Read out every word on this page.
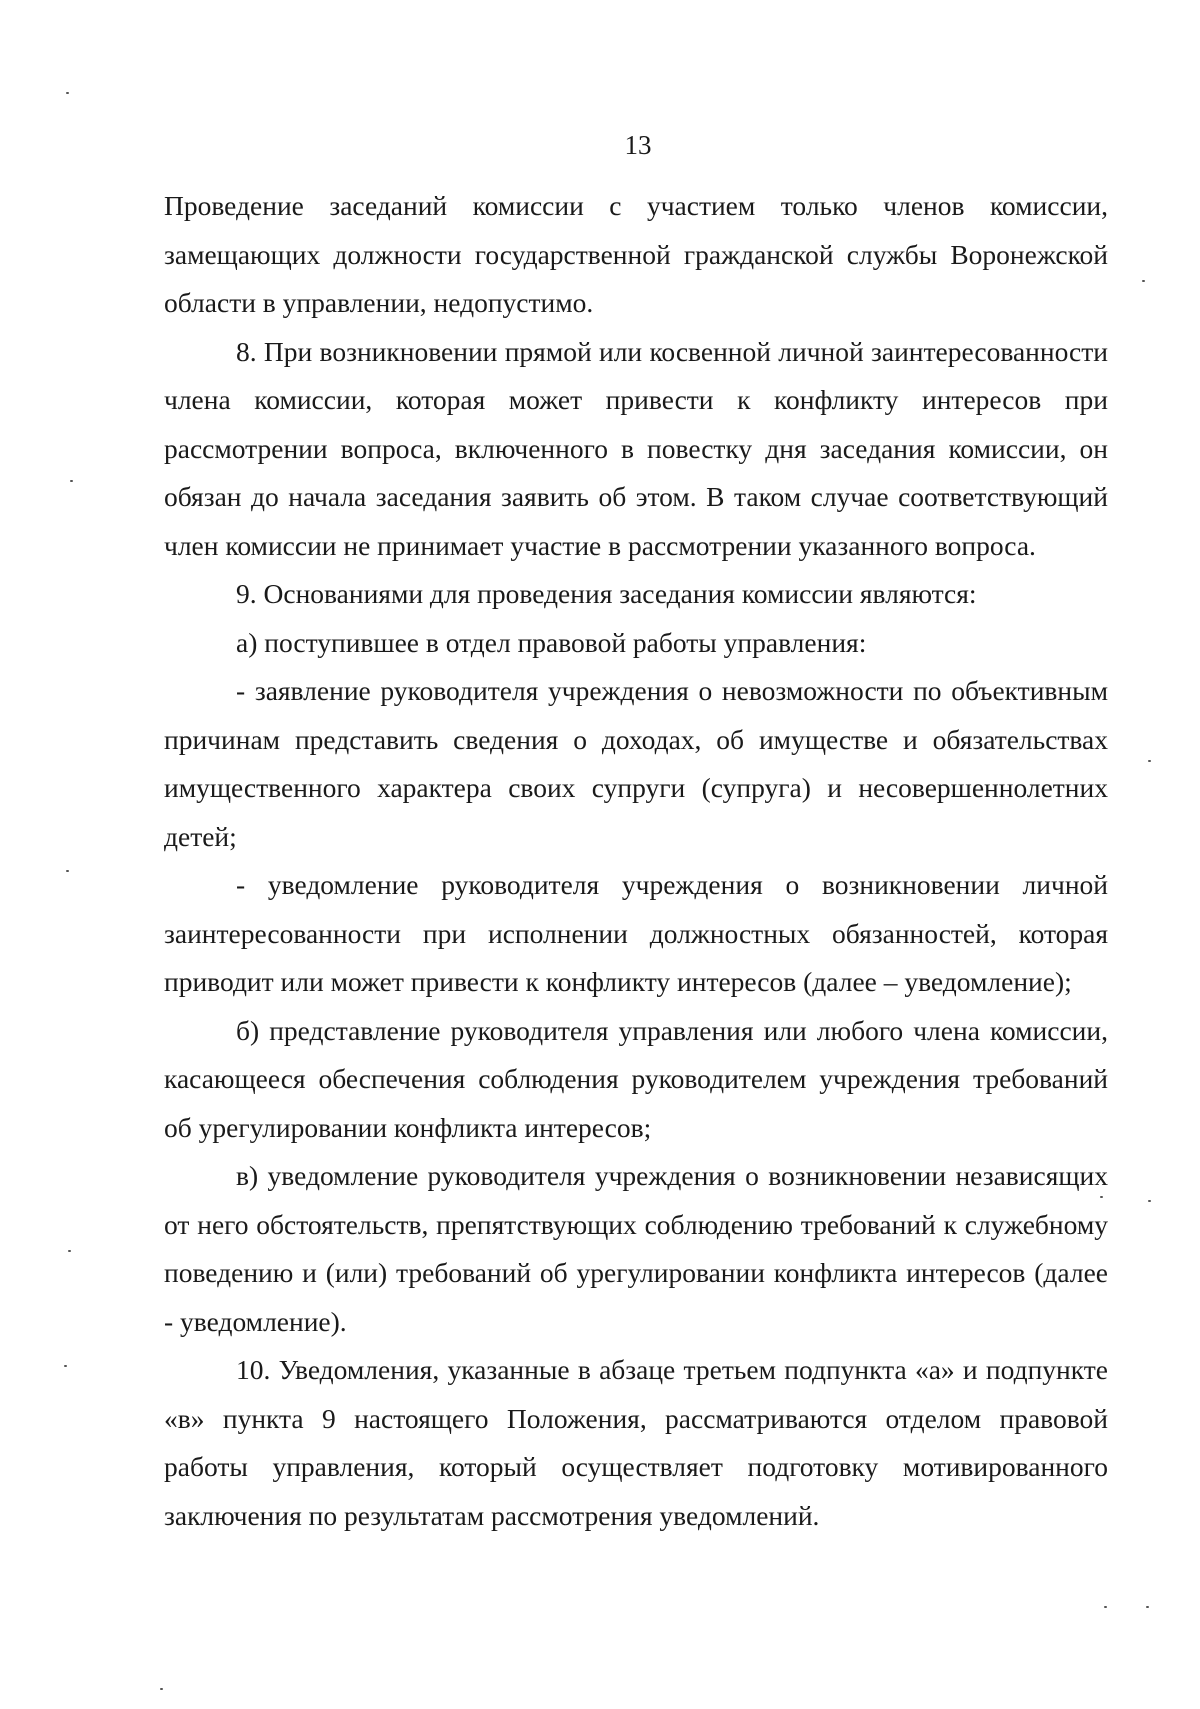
13

Проведение заседаний комиссии с участием только членов комиссии, замещающих должности государственной гражданской службы Воронежской области в управлении, недопустимо.

8. При возникновении прямой или косвенной личной заинтересованности члена комиссии, которая может привести к конфликту интересов при рассмотрении вопроса, включенного в повестку дня заседания комиссии, он обязан до начала заседания заявить об этом. В таком случае соответствующий член комиссии не принимает участие в рассмотрении указанного вопроса.

9. Основаниями для проведения заседания комиссии являются:

а) поступившее в отдел правовой работы управления:

- заявление руководителя учреждения о невозможности по объективным причинам представить сведения о доходах, об имуществе и обязательствах имущественного характера своих супруги (супруга) и несовершеннолетних детей;

- уведомление руководителя учреждения о возникновении личной заинтересованности при исполнении должностных обязанностей, которая приводит или может привести к конфликту интересов (далее – уведомление);

б) представление руководителя управления или любого члена комиссии, касающееся обеспечения соблюдения руководителем учреждения требований об урегулировании конфликта интересов;

в) уведомление руководителя учреждения о возникновении независящих от него обстоятельств, препятствующих соблюдению требований к служебному поведению и (или) требований об урегулировании конфликта интересов (далее - уведомление).

10. Уведомления, указанные в абзаце третьем подпункта «а» и подпункте «в» пункта 9 настоящего Положения, рассматриваются отделом правовой работы управления, который осуществляет подготовку мотивированного заключения по результатам рассмотрения уведомлений.
